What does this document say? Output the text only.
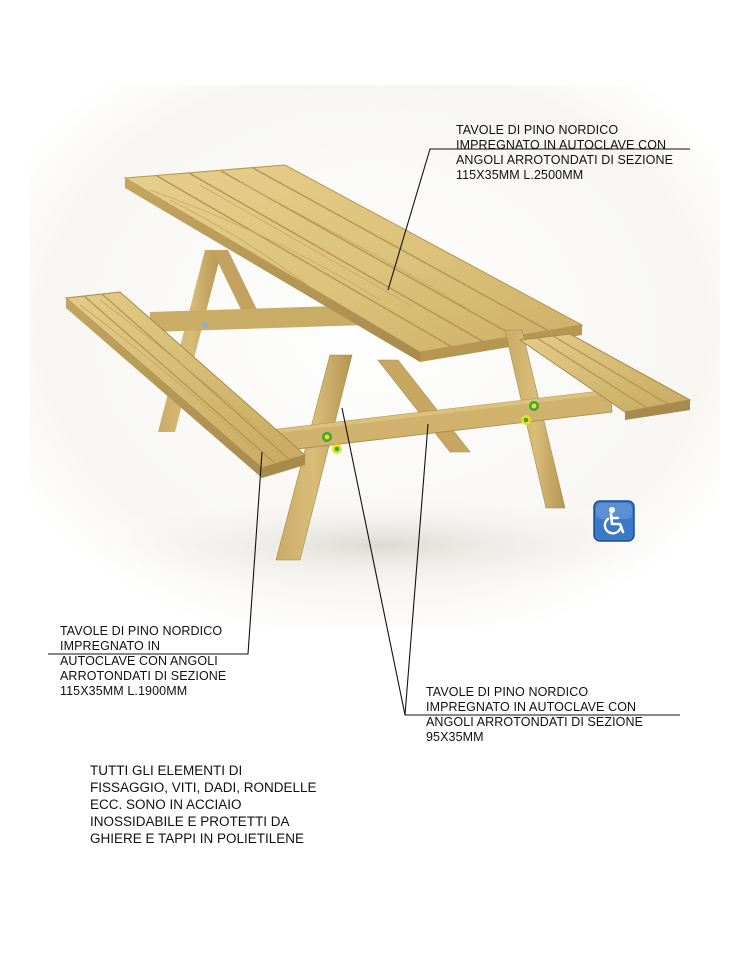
TAVOLE DI PINO NORDICO
IMPREGNATO IN AUTOCLAVE CON
ANGOLI ARROTONDATI DI SEZIONE
115X35MM L.2500MM
TAVOLE DI PINO NORDICO
IMPREGNATO IN
AUTOCLAVE CON ANGOLI
ARROTONDATI DI SEZIONE
115X35MM L.1900MM	TAVOLE DI PINO NORDICO
IMPREGNATO IN AUTOCLAVE CON
ANGOLI ARROTONDATI DI SEZIONE
95X35MM
TUTTI GLI ELEMENTI DI
FISSAGGIO, VITI, DADI, RONDELLE
ECC. SONO IN ACCIAIO
INOSSIDABILE E PROTETTI DA
GHIERE E TAPPI IN POLIETILENE
